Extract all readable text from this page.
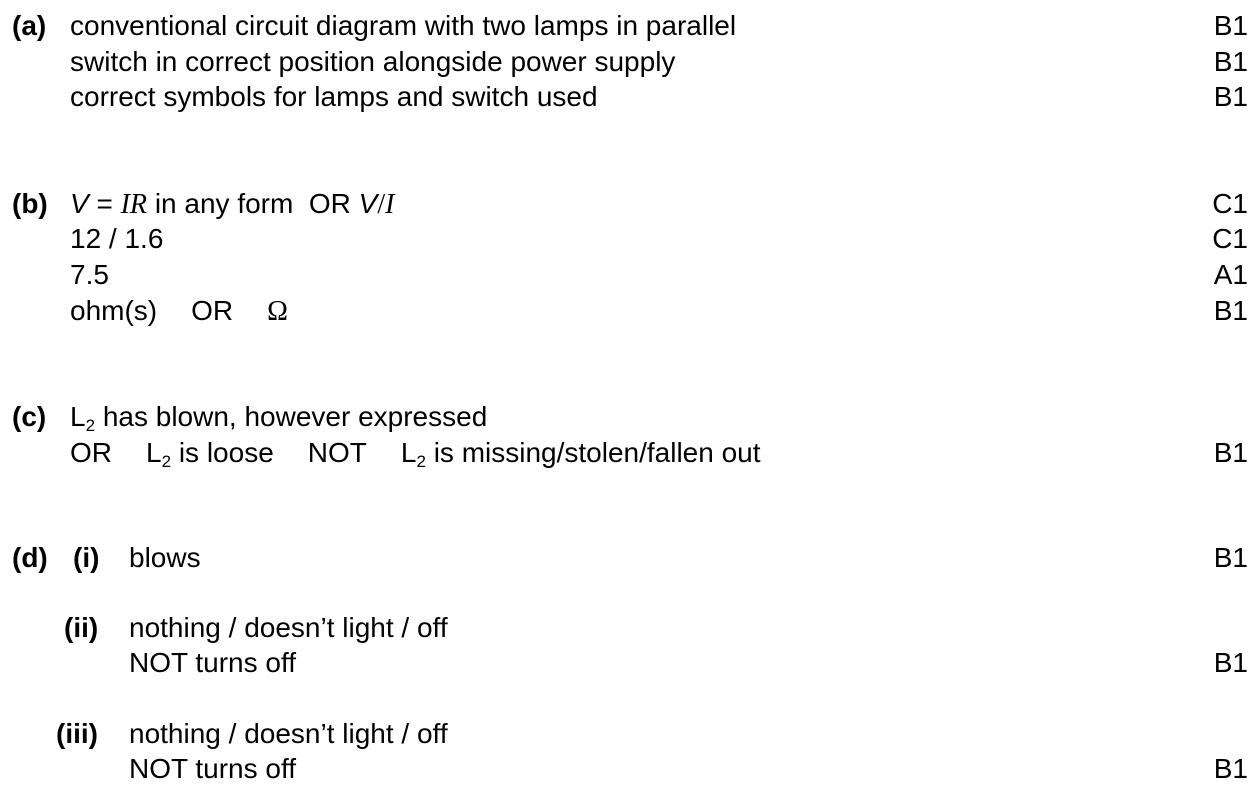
(a) conventional circuit diagram with two lamps in parallel	B1
switch in correct position alongside power supply	B1
correct symbols for lamps and switch used	B1
(b) V = IR in any form  OR V/I	C1
12 / 1.6	C1
7.5	A1
ohm(s) OR Ω	B1
(c) $L_2$ has blown, however expressed
OR $L_2$ is loose NOT $L_2$ is missing/stolen/fallen out	B1
(d) (i) blows	B1
(ii) nothing / doesn’t light / off
NOT turns off	B1
(iii) nothing / doesn’t light / off
NOT turns off	B1
